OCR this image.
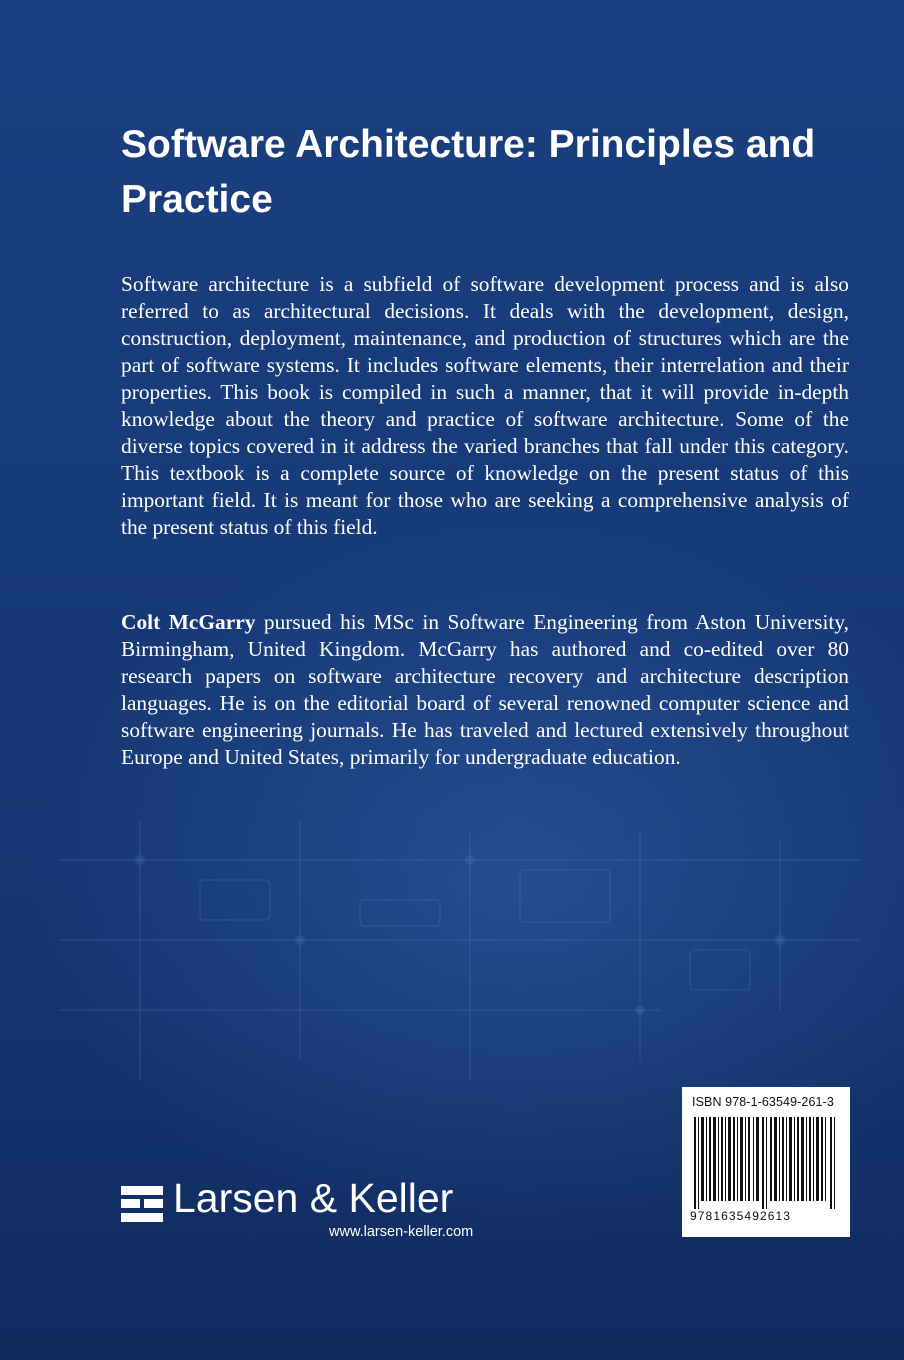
Software Architecture: Principles and Practice

Software architecture is a subfield of software development process and is also referred to as architectural decisions. It deals with the development, design, construction, deployment, maintenance, and production of structures which are the part of software systems. It includes software elements, their interrelation and their properties. This book is compiled in such a manner, that it will provide in-depth knowledge about the theory and practice of software architecture. Some of the diverse topics covered in it address the varied branches that fall under this category. This textbook is a complete source of knowledge on the present status of this important field. It is meant for those who are seeking a comprehensive analysis of the present status of this field.

Colt McGarry pursued his MSc in Software Engineering from Aston University, Birmingham, United Kingdom. McGarry has authored and co-edited over 80 research papers on software architecture recovery and architecture description languages. He is on the editorial board of several renowned computer science and software engineering journals. He has traveled and lectured extensively throughout Europe and United States, primarily for undergraduate education.

ISBN 978-1-63549-261-3
9781635492613
Larsen & Keller
www.larsen-keller.com
